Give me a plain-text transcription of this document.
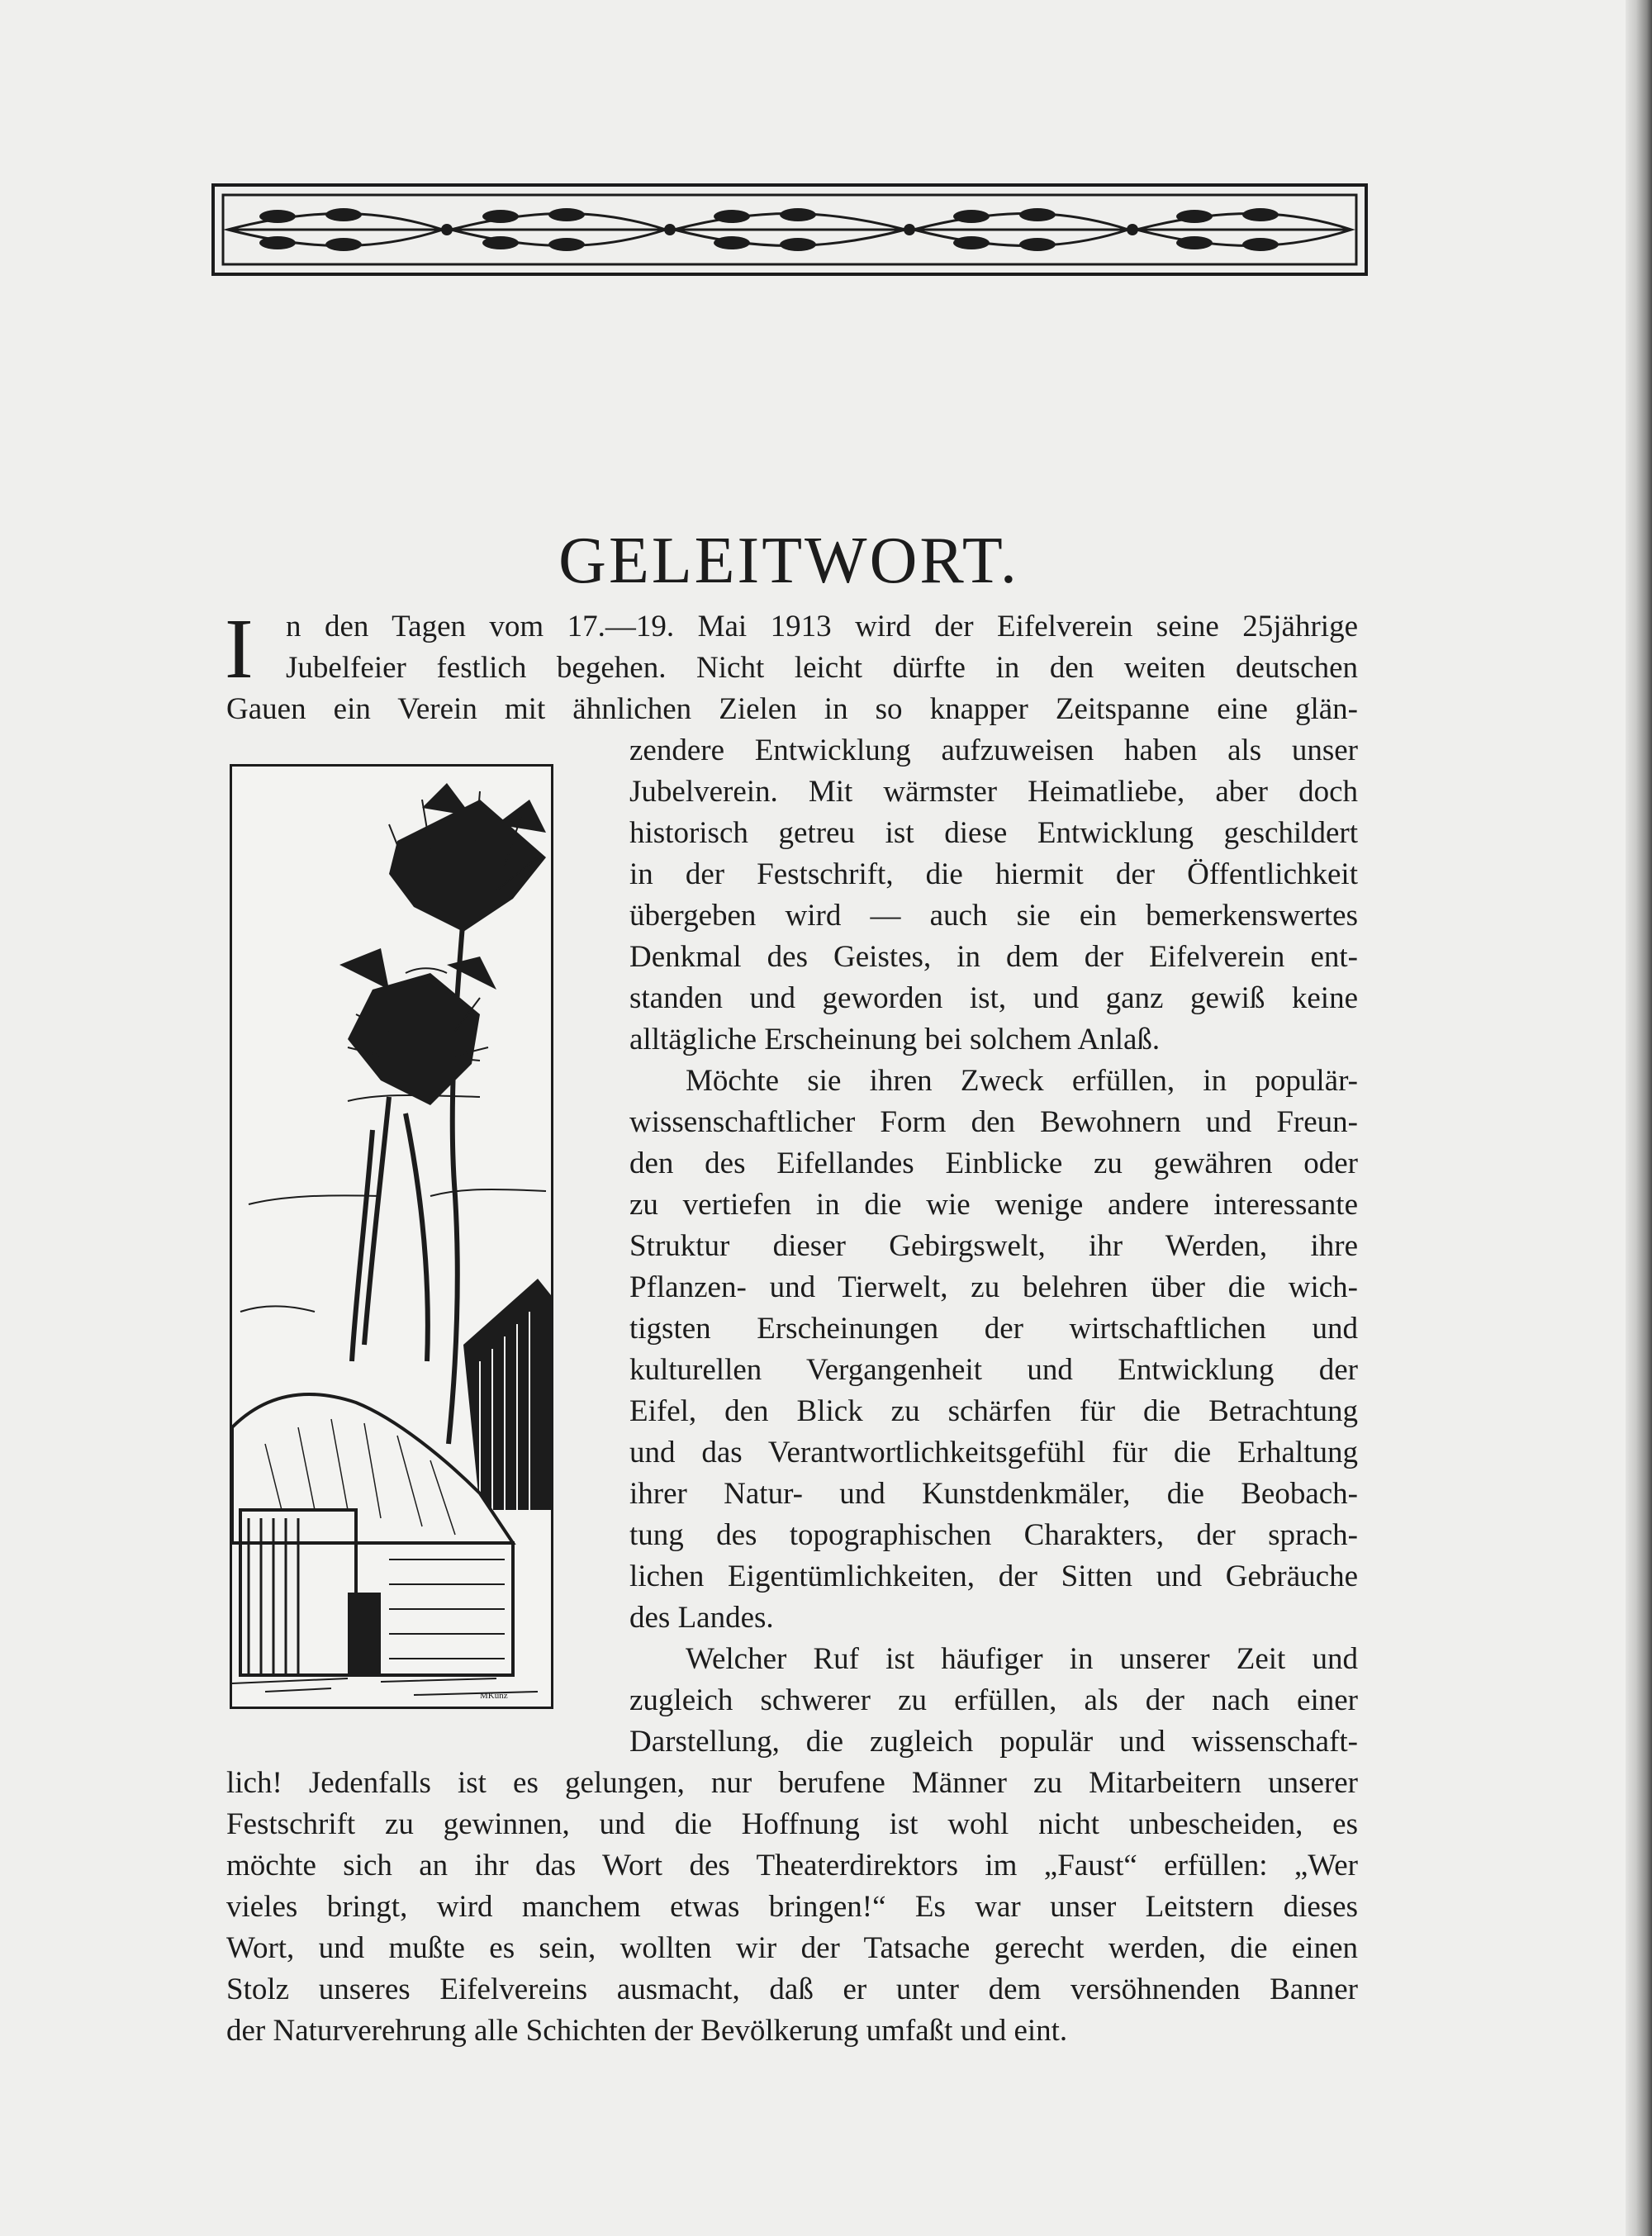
GELEITWORT.
I n den Tagen vom 17.—19. Mai 1913 wird der Eifelverein seine 25jährige
Jubelfeier festlich begehen. Nicht leicht dürfte in den weiten deutschen
Gauen ein Verein mit ähnlichen Zielen in so knapper Zeitspanne eine glän-
zendere Entwicklung aufzuweisen haben als unser
Jubelverein. Mit wärmster Heimatliebe, aber doch
historisch getreu ist diese Entwicklung geschildert
in der Festschrift, die hiermit der Öffentlichkeit
übergeben wird — auch sie ein bemerkenswertes
Denkmal des Geistes, in dem der Eifelverein ent-
standen und geworden ist, und ganz gewiß keine
alltägliche Erscheinung bei solchem Anlaß.
Möchte sie ihren Zweck erfüllen, in populär-
wissenschaftlicher Form den Bewohnern und Freun-
den des Eifellandes Einblicke zu gewähren oder
zu vertiefen in die wie wenige andere interessante
Struktur dieser Gebirgswelt, ihr Werden, ihre
Pflanzen- und Tierwelt, zu belehren über die wich-
tigsten Erscheinungen der wirtschaftlichen und
kulturellen Vergangenheit und Entwicklung der
Eifel, den Blick zu schärfen für die Betrachtung
und das Verantwortlichkeitsgefühl für die Erhaltung
ihrer Natur- und Kunstdenkmäler, die Beobach-
tung des topographischen Charakters, der sprach-
lichen Eigentümlichkeiten, der Sitten und Gebräuche
des Landes.
Welcher Ruf ist häufiger in unserer Zeit und
zugleich schwerer zu erfüllen, als der nach einer
Darstellung, die zugleich populär und wissenschaft-
lich! Jedenfalls ist es gelungen, nur berufene Männer zu Mitarbeitern unserer
Festschrift zu gewinnen, und die Hoffnung ist wohl nicht unbescheiden, es
möchte sich an ihr das Wort des Theaterdirektors im „Faust“ erfüllen: „Wer
vieles bringt, wird manchem etwas bringen!“ Es war unser Leitstern dieses
Wort, und mußte es sein, wollten wir der Tatsache gerecht werden, die einen
Stolz unseres Eifelvereins ausmacht, daß er unter dem versöhnenden Banner
der Naturverehrung alle Schichten der Bevölkerung umfaßt und eint.
MKunz
